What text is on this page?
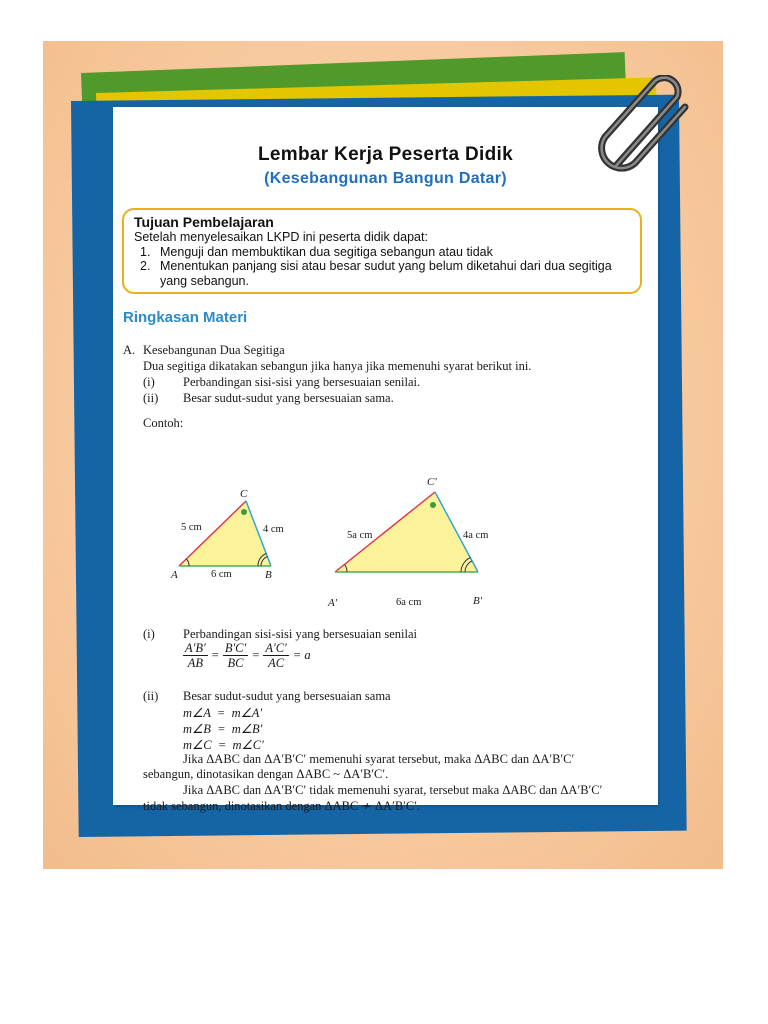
Lembar Kerja Peserta Didik
(Kesebangunan Bangun Datar)
Tujuan Pembelajaran
Setelah menyelesaikan LKPD ini peserta didik dapat:
1. Menguji dan membuktikan dua segitiga sebangun atau tidak
2. Menentukan panjang sisi atau besar sudut yang belum diketahui dari dua segitiga yang sebangun.
Ringkasan Materi
A. Kesebangunan Dua Segitiga
Dua segitiga dikatakan sebangun jika hanya jika memenuhi syarat berikut ini.
(i) Perbandingan sisi-sisi yang bersesuaian senilai.
(ii) Besar sudut-sudut yang bersesuaian sama.
Contoh:
C
5 cm	4 cm
A	6 cm	B
C′
5a cm	4a cm
A′	6a cm	B′
(i) Perbandingan sisi-sisi yang bersesuaian senilai
$\frac{A'B'}{AB} = \frac{B'C'}{BC} = \frac{A'C'}{AC} = a$
(ii) Besar sudut-sudut yang bersesuaian sama
m∠A  =  m∠A′
m∠B  =  m∠B′
m∠C  =  m∠C′
Jika ΔABC dan ΔA′B′C′ memenuhi syarat tersebut, maka ΔABC dan ΔA′B′C′
sebangun, dinotasikan dengan ΔABC ~ ΔA′B′C′.
Jika ΔABC dan ΔA′B′C′ tidak memenuhi syarat, tersebut maka ΔABC dan ΔA′B′C′
tidak sebangun, dinotasikan dengan ΔABC ≁ ΔA′B′C′.
